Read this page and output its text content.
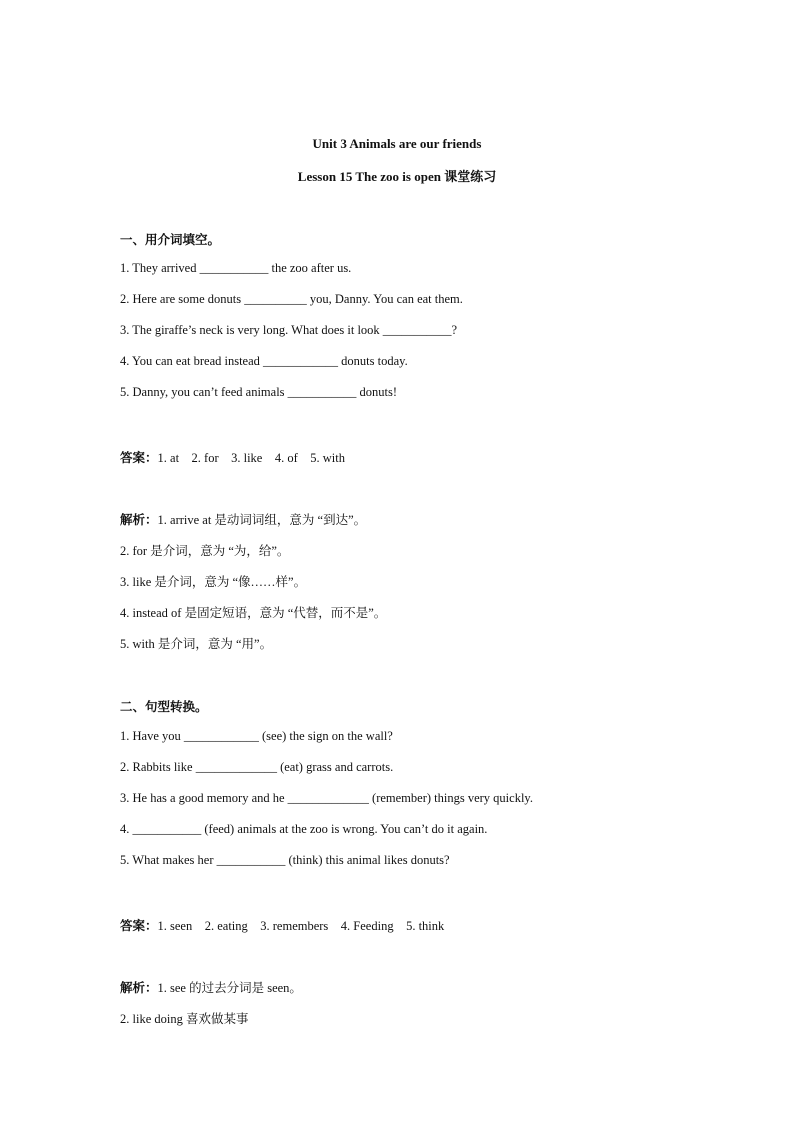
Unit 3 Animals are our friends
Lesson 15 The zoo is open 课堂练习
一、用介词填空。
1. They arrived ___________ the zoo after us.
2. Here are some donuts __________ you, Danny. You can eat them.
3. The giraffe’s neck is very long. What does it look ___________?
4. You can eat bread instead ____________ donuts today.
5. Danny, you can’t feed animals ___________ donuts!
答案：1. at    2. for    3. like    4. of    5. with
解析：1. arrive at 是动词词组，意为 “到达”。
2. for 是介词，意为 “为，给”。
3. like 是介词，意为 “像……样”。
4. instead of 是固定短语，意为 “代替，而不是”。
5. with 是介词，意为 “用”。
二、句型转换。
1. Have you ____________ (see) the sign on the wall?
2. Rabbits like _____________ (eat) grass and carrots.
3. He has a good memory and he _____________ (remember) things very quickly.
4. ___________ (feed) animals at the zoo is wrong. You can’t do it again.
5. What makes her ___________ (think) this animal likes donuts?
答案：1. seen    2. eating    3. remembers    4. Feeding    5. think
解析：1. see 的过去分词是 seen。
2. like doing 喜欢做某事
